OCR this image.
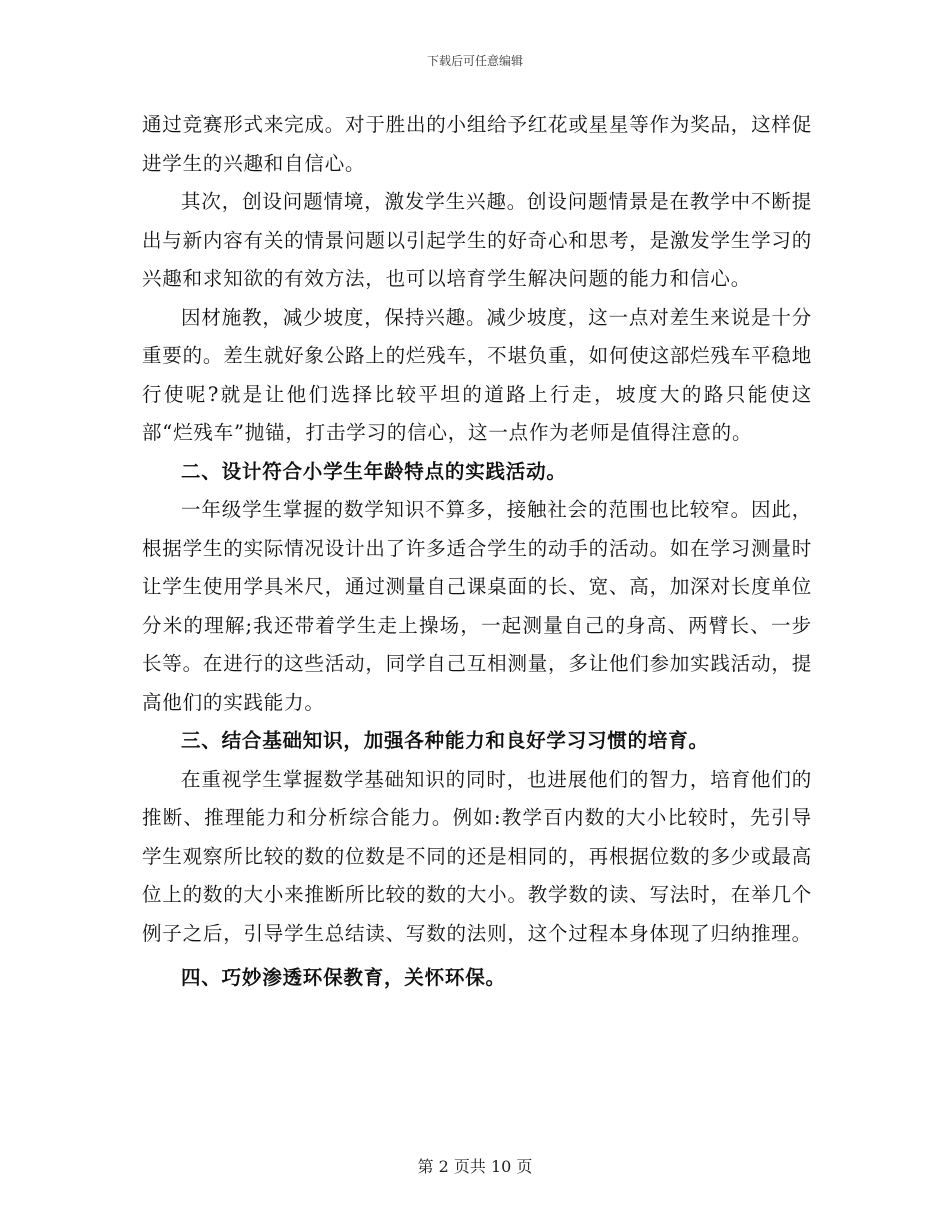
下载后可任意编辑

通过竞赛形式来完成。对于胜出的小组给予红花或星星等作为奖品，这样促进学生的兴趣和自信心。

其次，创设问题情境，激发学生兴趣。创设问题情景是在教学中不断提出与新内容有关的情景问题以引起学生的好奇心和思考，是激发学生学习的兴趣和求知欲的有效方法，也可以培育学生解决问题的能力和信心。

因材施教，减少坡度，保持兴趣。减少坡度，这一点对差生来说是十分重要的。差生就好象公路上的烂残车，不堪负重，如何使这部烂残车平稳地行使呢?就是让他们选择比较平坦的道路上行走，坡度大的路只能使这部“烂残车”抛锚，打击学习的信心，这一点作为老师是值得注意的。

二、设计符合小学生年龄特点的实践活动。

一年级学生掌握的数学知识不算多，接触社会的范围也比较窄。因此，根据学生的实际情况设计出了许多适合学生的动手的活动。如在学习测量时让学生使用学具米尺，通过测量自己课桌面的长、宽、高，加深对长度单位分米的理解;我还带着学生走上操场，一起测量自己的身高、两臂长、一步长等。在进行的这些活动，同学自己互相测量，多让他们参加实践活动，提高他们的实践能力。

三、结合基础知识，加强各种能力和良好学习习惯的培育。

在重视学生掌握数学基础知识的同时，也进展他们的智力，培育他们的推断、推理能力和分析综合能力。例如:教学百内数的大小比较时，先引导学生观察所比较的数的位数是不同的还是相同的，再根据位数的多少或最高位上的数的大小来推断所比较的数的大小。教学数的读、写法时，在举几个例子之后，引导学生总结读、写数的法则，这个过程本身体现了归纳推理。

四、巧妙渗透环保教育，关怀环保。

第 2 页共 10 页
